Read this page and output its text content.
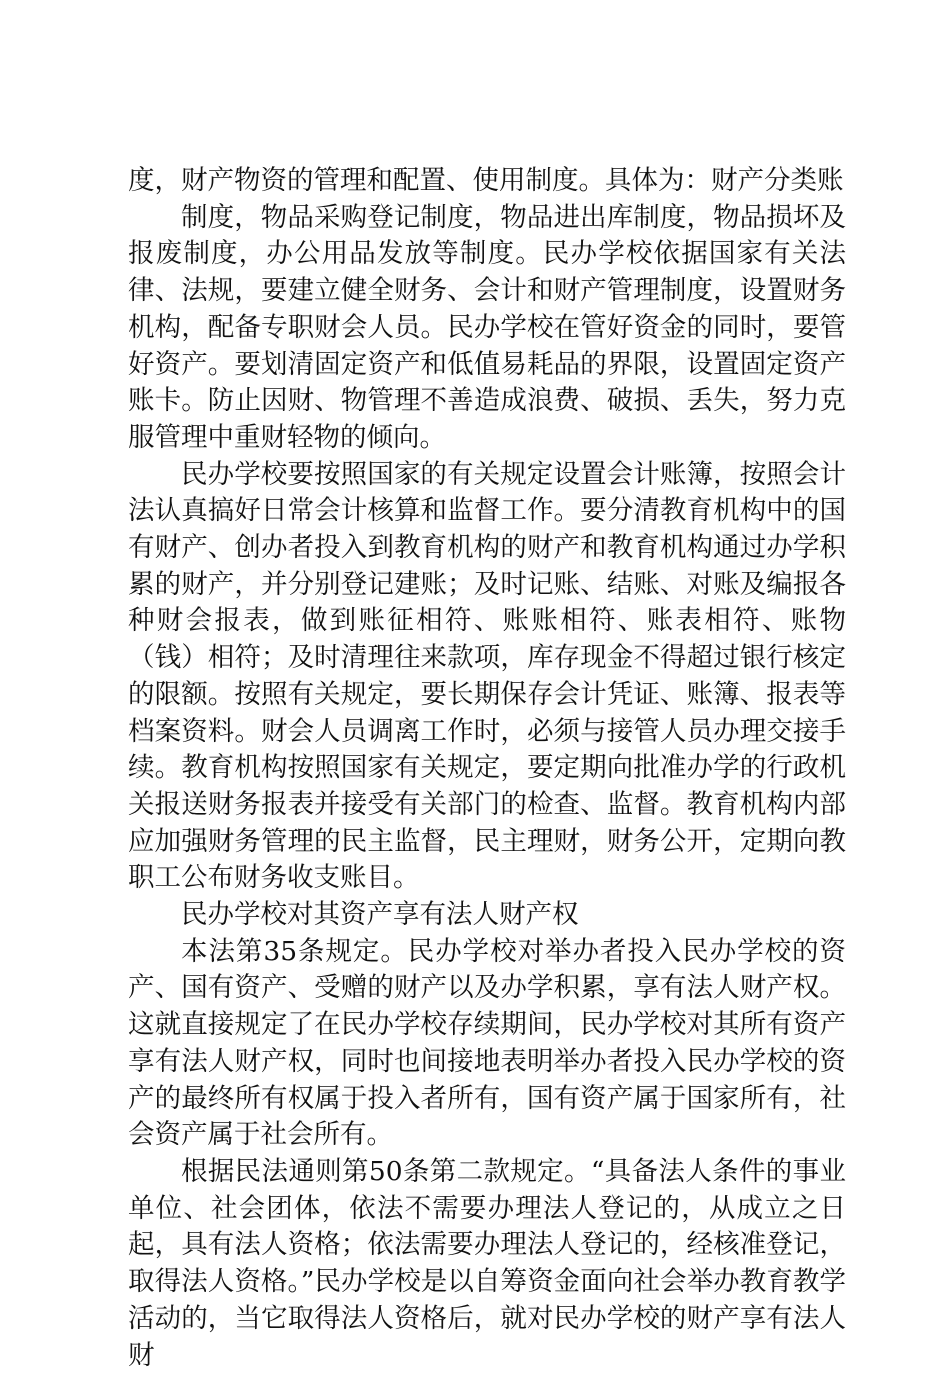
度，财产物资的管理和配置、使用制度。具体为：财产分类账

制度，物品采购登记制度，物品进出库制度，物品损坏及报废制度，办公用品发放等制度。民办学校依据国家有关法律、法规，要建立健全财务、会计和财产管理制度，设置财务机构，配备专职财会人员。民办学校在管好资金的同时，要管好资产。要划清固定资产和低值易耗品的界限，设置固定资产账卡。防止因财、物管理不善造成浪费、破损、丢失，努力克服管理中重财轻物的倾向。

民办学校要按照国家的有关规定设置会计账簿，按照会计法认真搞好日常会计核算和监督工作。要分清教育机构中的国有财产、创办者投入到教育机构的财产和教育机构通过办学积累的财产，并分别登记建账；及时记账、结账、对账及编报各种财会报表，做到账征相符、账账相符、账表相符、账物（钱）相符；及时清理往来款项，库存现金不得超过银行核定的限额。按照有关规定，要长期保存会计凭证、账簿、报表等档案资料。财会人员调离工作时，必须与接管人员办理交接手续。教育机构按照国家有关规定，要定期向批准办学的行政机关报送财务报表并接受有关部门的检查、监督。教育机构内部应加强财务管理的民主监督，民主理财，财务公开，定期向教职工公布财务收支账目。

民办学校对其资产享有法人财产权

本法第35条规定。民办学校对举办者投入民办学校的资产、国有资产、受赠的财产以及办学积累，享有法人财产权。这就直接规定了在民办学校存续期间，民办学校对其所有资产享有法人财产权，同时也间接地表明举办者投入民办学校的资产的最终所有权属于投入者所有，国有资产属于国家所有，社会资产属于社会所有。

根据民法通则第50条第二款规定。“具备法人条件的事业单位、社会团体，依法不需要办理法人登记的，从成立之日起，具有法人资格；依法需要办理法人登记的，经核准登记，取得法人资格。”民办学校是以自筹资金面向社会举办教育教学活动的，当它取得法人资格后，就对民办学校的财产享有法人财
